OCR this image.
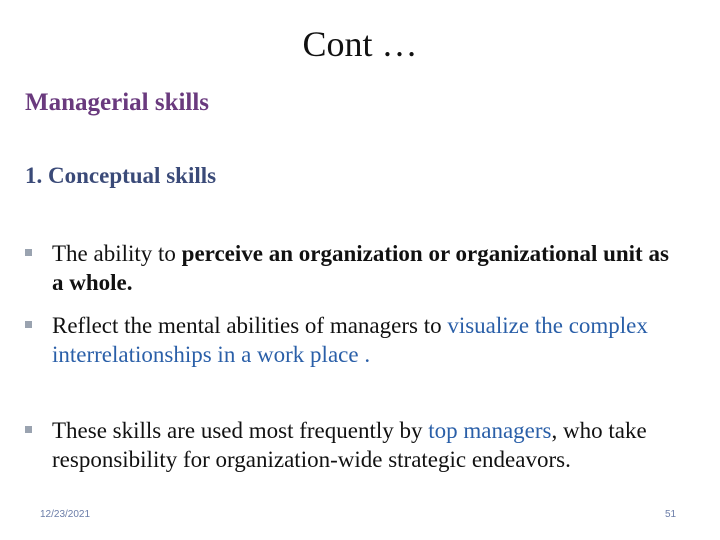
Cont …
Managerial skills
1. Conceptual skills
The ability to perceive an organization or organizational unit as a whole.
Reflect the mental abilities of managers to visualize the complex interrelationships in a work place .
These skills are used most frequently by top managers, who take responsibility for organization-wide strategic endeavors.
12/23/2021	51
